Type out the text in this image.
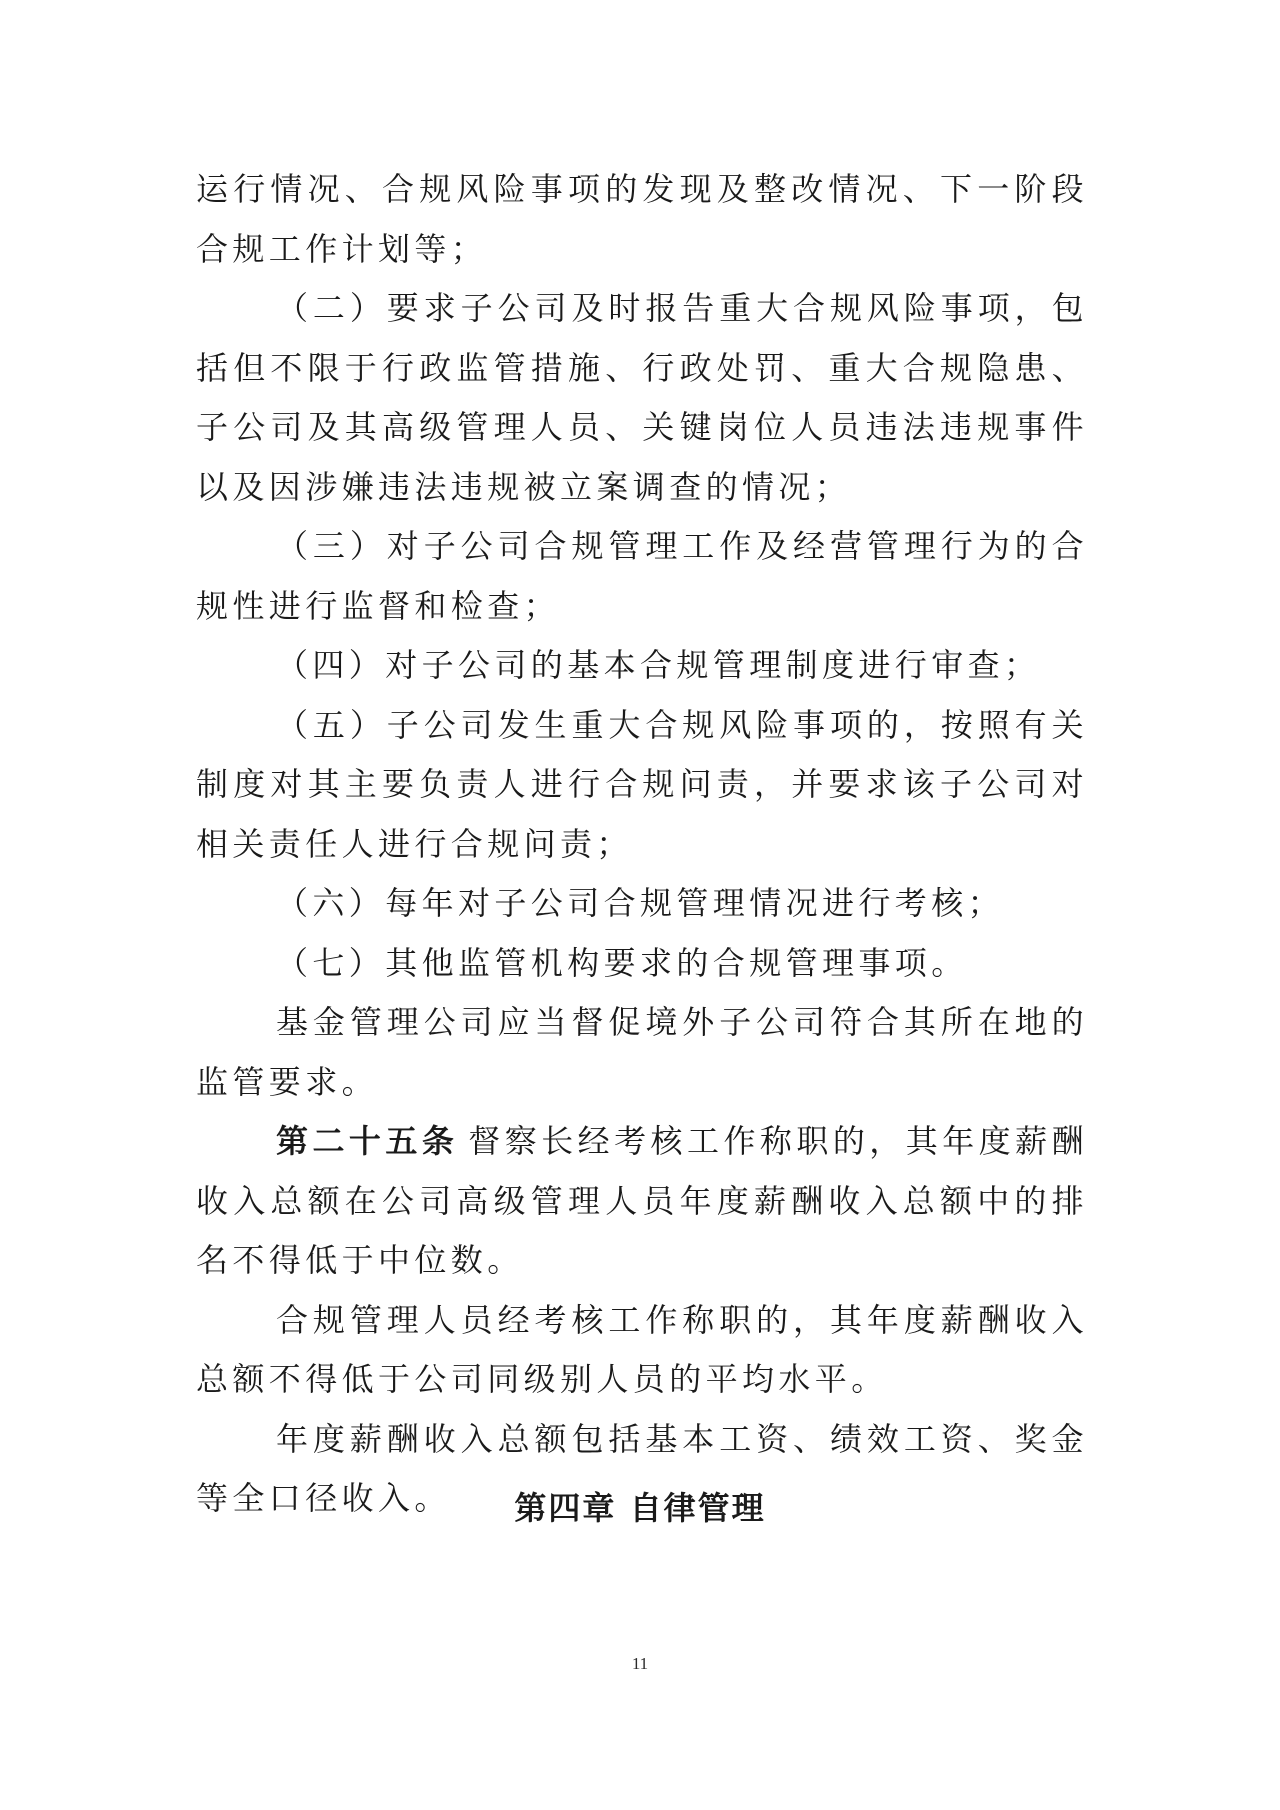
运行情况、合规风险事项的发现及整改情况、下一阶段合规工作计划等；

（二）要求子公司及时报告重大合规风险事项，包括但不限于行政监管措施、行政处罚、重大合规隐患、子公司及其高级管理人员、关键岗位人员违法违规事件以及因涉嫌违法违规被立案调查的情况；

（三）对子公司合规管理工作及经营管理行为的合规性进行监督和检查；

（四）对子公司的基本合规管理制度进行审查；

（五）子公司发生重大合规风险事项的，按照有关制度对其主要负责人进行合规问责，并要求该子公司对相关责任人进行合规问责；

（六）每年对子公司合规管理情况进行考核；

（七）其他监管机构要求的合规管理事项。

基金管理公司应当督促境外子公司符合其所在地的监管要求。

第二十五条 督察长经考核工作称职的，其年度薪酬收入总额在公司高级管理人员年度薪酬收入总额中的排名不得低于中位数。

合规管理人员经考核工作称职的，其年度薪酬收入总额不得低于公司同级别人员的平均水平。

年度薪酬收入总额包括基本工资、绩效工资、奖金等全口径收入。	第四章 自律管理
11
